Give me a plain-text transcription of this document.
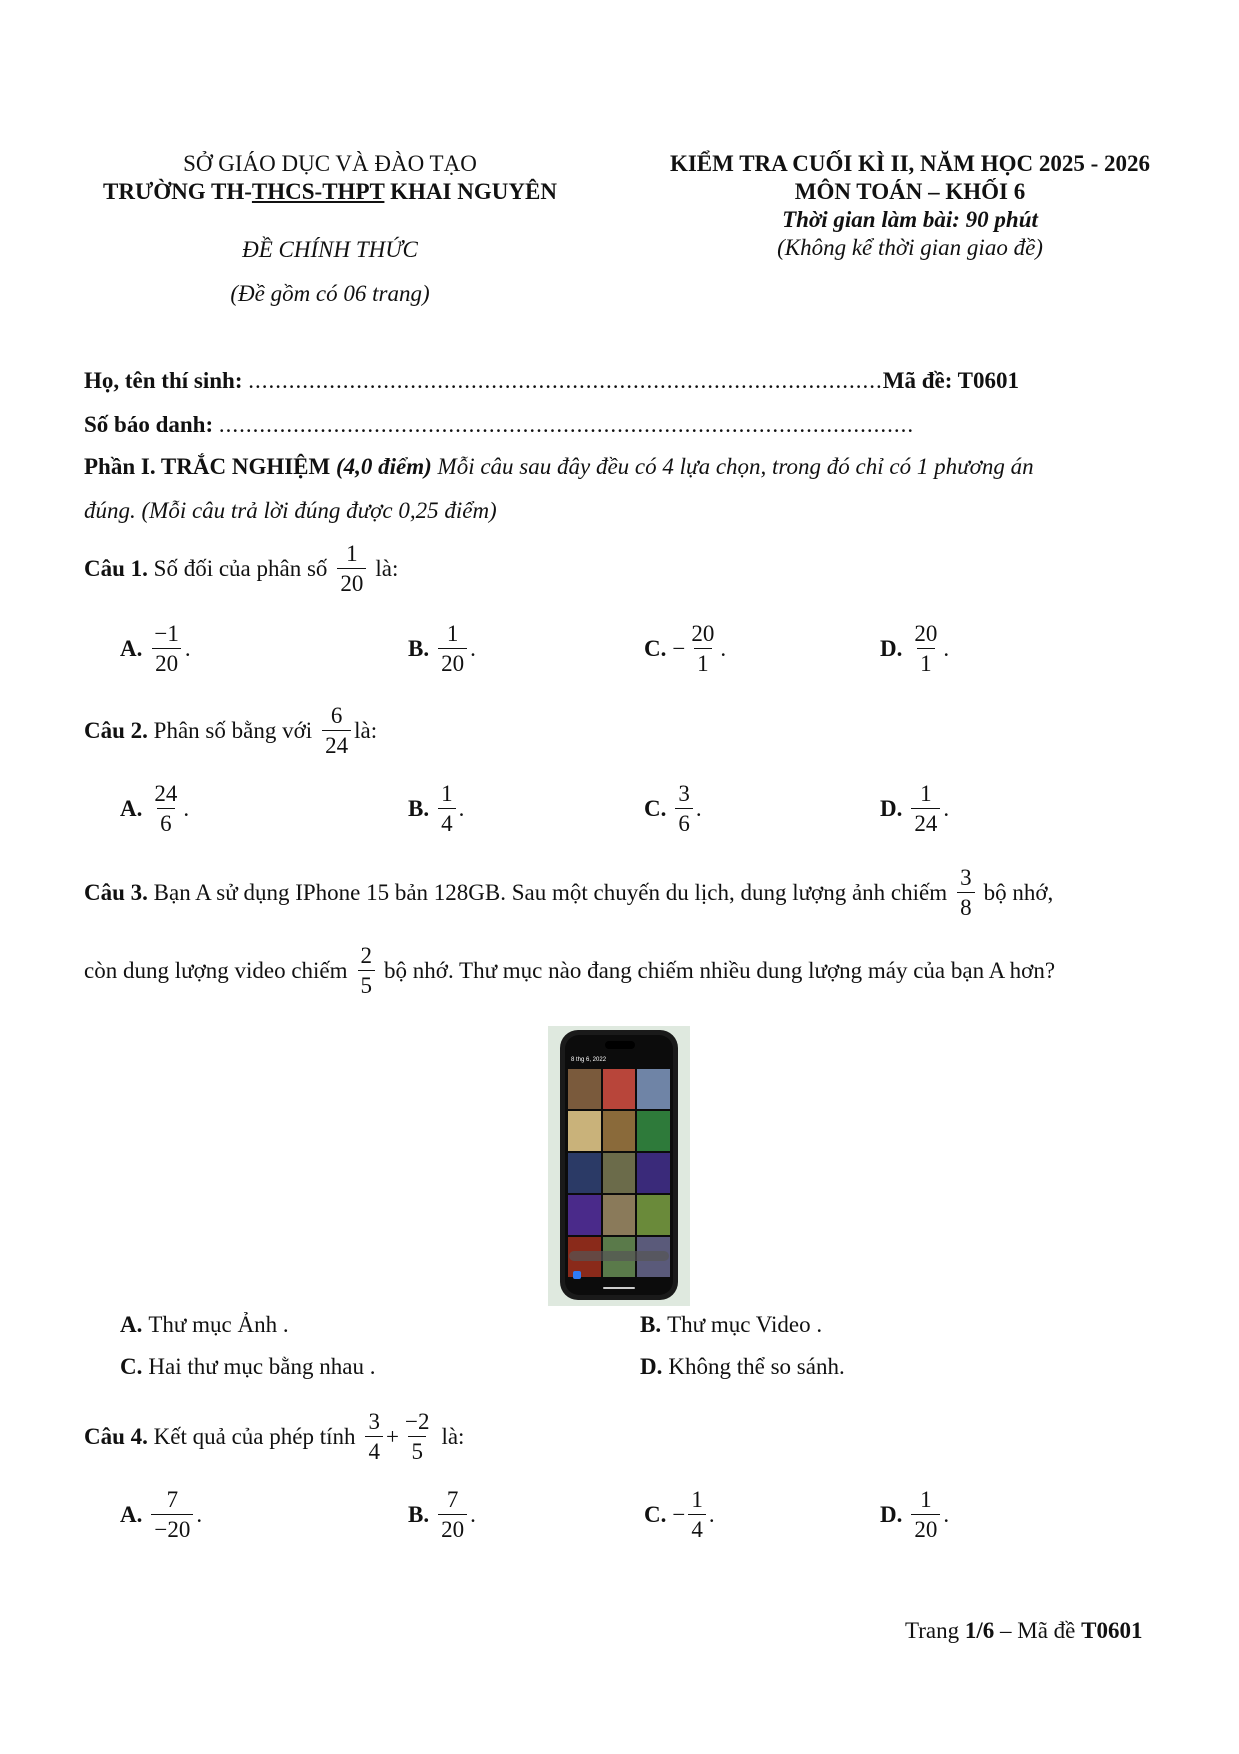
SỞ GIÁO DỤC VÀ ĐÀO TẠO
TRƯỜNG TH-THCS-THPT KHAI NGUYÊN
ĐỀ CHÍNH THỨC
(Đề gồm có 06 trang)
KIỂM TRA CUỐI KÌ II, NĂM HỌC 2025 - 2026
MÔN TOÁN – KHỐI 6
Thời gian làm bài: 90 phút
(Không kể thời gian giao đề)
Họ, tên thí sinh: ..............................................................................................Mã đề: T0601
Số báo danh: .......................................................................................................
Phần I. TRẮC NGHIỆM (4,0 điểm) Mỗi câu sau đây đều có 4 lựa chọn, trong đó chỉ có 1 phương án
đúng. (Mỗi câu trả lời đúng được 0,25 điểm)
Câu 1.
Số đối của phân số $\frac{1}{20}$ là:
A. $\frac{-1}{20}$ .	B. $\frac{1}{20}$ .	C. − $\frac{20}{1}$ .	D. $\frac{20}{1}$ .
Câu 2.
Phân số bằng với $\frac{6}{24}$ là:
A. $\frac{24}{6}$ .	B. $\frac{1}{4}$ .	C. $\frac{3}{6}$ .	D. $\frac{1}{24}$ .
Câu 3.
Bạn A sử dụng IPhone 15 bản 128GB. Sau một chuyến du lịch, dung lượng ảnh chiếm $\frac{3}{8}$ bộ nhớ,
còn dung lượng video chiếm $\frac{2}{5}$ bộ nhớ. Thư mục nào đang chiếm nhiều dung lượng máy của bạn A hơn?
8 thg 6, 2022
A. Thư mục Ảnh .	B. Thư mục Video .
C. Hai thư mục bằng nhau .	D. Không thể so sánh.
Câu 4.
Kết quả của phép tính $\frac{3}{4} + \frac{-2}{5}$ là:
A. $\frac{7}{-20}$ .	B. $\frac{7}{20}$ .	C. − $\frac{1}{4}$ .	D. $\frac{1}{20}$ .
Trang 1/6 – Mã đề T0601
